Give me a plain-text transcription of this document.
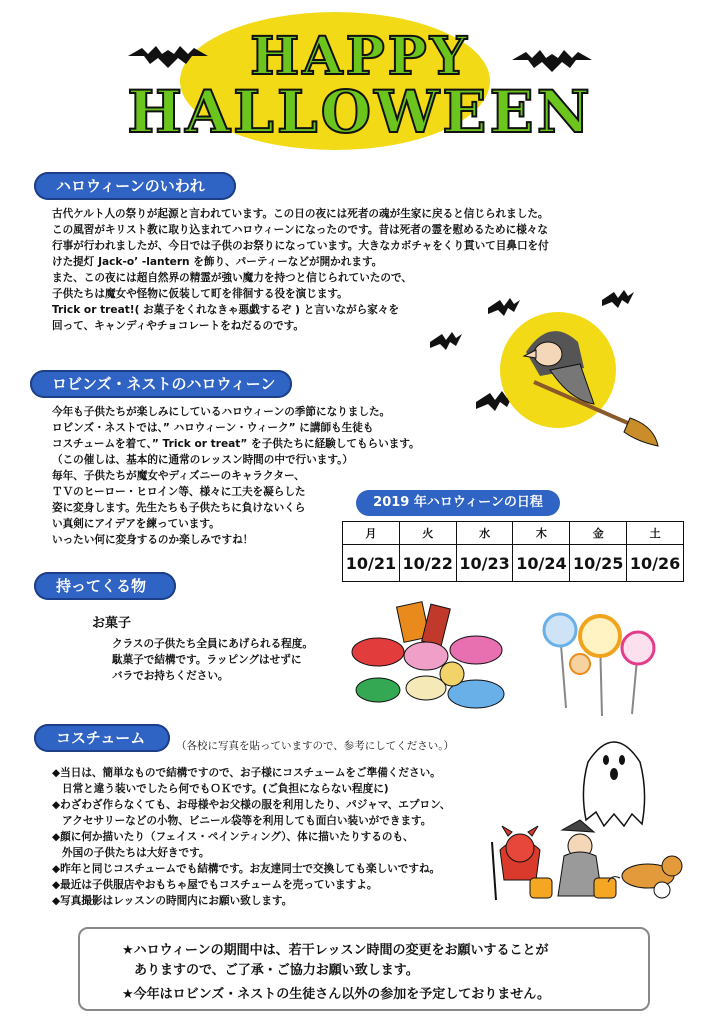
HAPPY
HALLOWEEN
ハロウィーンのいわれ

古代ケルト人の祭りが起源と言われています。この日の夜には死者の魂が生家に戻ると信じられました。

この風習がキリスト教に取り込まれてハロウィーンになったのです。昔は死者の霊を慰めるために様々な

行事が行われましたが、今日では子供のお祭りになっています。大きなカボチャをくり貫いて目鼻口を付

けた提灯 Jack-o’ -lantern を飾り、パーティーなどが開かれます。

また、この夜には超自然界の精霊が強い魔力を持つと信じられていたので、

子供たちは魔女や怪物に仮装して町を徘徊する役を演じます。

Trick or treat!( お菓子をくれなきゃ悪戯するぞ ) と言いながら家々を

回って、キャンディやチョコレートをねだるのです。

ロビンズ・ネストのハロウィーン

今年も子供たちが楽しみにしているハロウィーンの季節になりました。

ロビンズ・ネストでは、” ハロウィーン・ウィーク” に講師も生徒も

コスチュームを着て、” Trick or treat” を子供たちに経験してもらいます。

（この催しは、基本的に通常のレッスン時間の中で行います。）

毎年、子供たちが魔女やディズニーのキャラクター、

ＴＶのヒーロー・ヒロイン等、様々に工夫を凝らした

姿に変身します。先生たちも子供たちに負けないくら

い真剣にアイデアを練っています。

いったい何に変身するのか楽しみですね！

2019 年ハロウィーンの日程
月	火	水	木	金	土
10/21	10/22	10/23	10/24	10/25	10/26
持ってくる物
お菓子

クラスの子供たち全員にあげられる程度。

駄菓子で結構です。ラッピングはせずに

バラでお持ちください。

コスチューム	（各校に写真を貼っていますので、参考にしてください。）

◆当日は、簡単なもので結構ですので、お子様にコスチュームをご準備ください。

日常と違う装いでしたら何でもＯＫです。(ご負担にならない程度に)

◆わざわざ作らなくても、お母様やお父様の服を利用したり、パジャマ、エプロン、

アクセサリーなどの小物、ビニール袋等を利用しても面白い装いができます。

◆顔に何か描いたり（フェイス・ペインティング）、体に描いたりするのも、

外国の子供たちは大好きです。

◆昨年と同じコスチュームでも結構です。お友達同士で交換しても楽しいですね。

◆最近は子供服店やおもちゃ屋でもコスチュームを売っていますよ。

◆写真撮影はレッスンの時間内にお願い致します。

★ハロウィーンの期間中は、若干レッスン時間の変更をお願いすることが

ありますので、ご了承・ご協力お願い致します。

★今年はロビンズ・ネストの生徒さん以外の参加を予定しておりません。
